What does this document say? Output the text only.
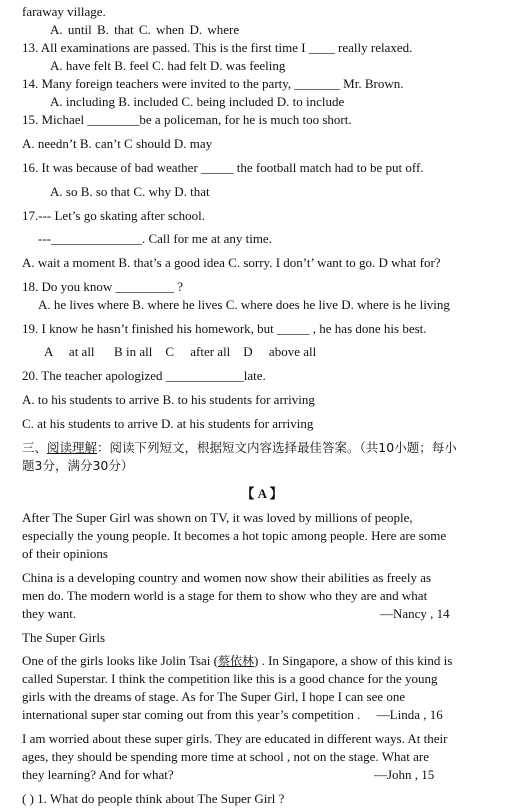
faraway village.
A. until B. that C. when D. where
13. All examinations are passed. This is the first time I ____ really relaxed.
A. have felt B. feel C. had felt D. was feeling
14. Many foreign teachers were invited to the party, _______ Mr. Brown.
A. including B. included C. being included D. to include
15. Michael ________be a policeman, for he is much too short.
A. needn’t B. can’t C should D. may
16. It was because of bad weather _____ the football match had to be put off.
A. so B. so that C. why D. that
17.--- Let’s go skating after school.
---______________. Call for me at any time.
A. wait a moment B. that’s a good idea C. sorry. I don’t’ want to go. D what for?
18. Do you know _________ ?
A. he lives where B. where he lives C. where does he live D. where is he living
19. I know he hasn’t finished his homework, but _____ , he has done his best.
A     at all      B in all    C     after all    D     above all
20. The teacher apologized ____________late.
A. to his students to arrive B. to his students for arriving
C. at his students to arrive D. at his students for arriving
三、阅读理解：阅读下列短文，根据短文内容选择最佳答案。（共10小题；每小
题3分，满分30分）
【 A 】
After The Super Girl was shown on TV, it was loved by millions of people,
especially the young people. It becomes a hot topic among people. Here are some
of their opinions
China is a developing country and women now show their abilities as freely as
men do. The modern world is a stage for them to show who they are and what
they want.	—Nancy , 14
The Super Girls
One of the girls looks like Jolin Tsai (蔡依林) . In Singapore, a show of this kind is
called Superstar. I think the competition like this is a good chance for the young
girls with the dreams of stage. As for The Super Girl, I hope I can see one
international super star coming out from this year’s competition .     —Linda , 16
I am worried about these super girls. They are educated in different ways. At their
ages, they should be spending more time at school , not on the stage. What are
they learning? And for what?	—John , 15
( ) 1. What do people think about The Super Girl ?
